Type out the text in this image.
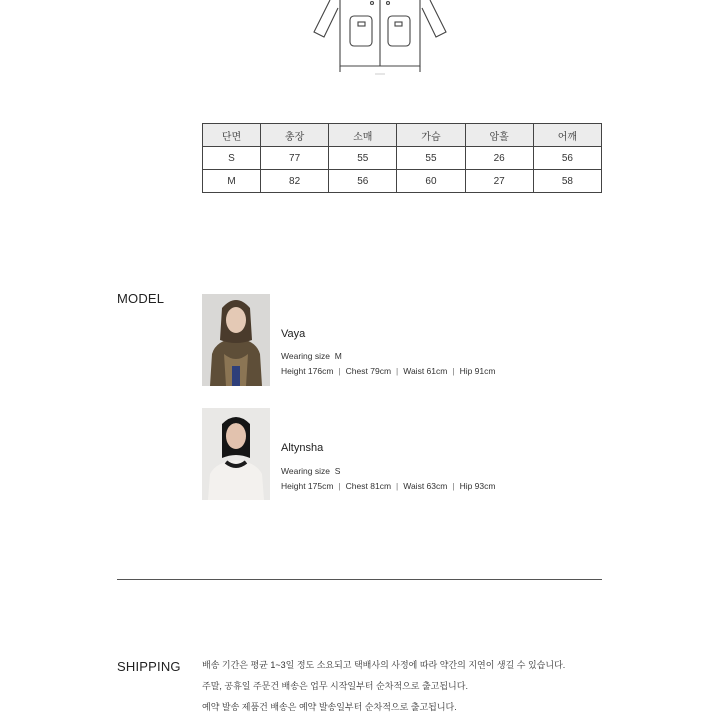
단면	총장	소매	가슴	암홀	어깨
S	77	55	55	26	56
M	82	56	60	27	58
MODEL
Vaya
Wearing size M
Height 176cm | Chest 79cm | Waist 61cm | Hip 91cm
Altynsha
Wearing size S
Height 175cm | Chest 81cm | Waist 63cm | Hip 93cm
SHIPPING 배송 기간은 평균 1~3일 정도 소요되고 택배사의 사정에 따라 약간의 지연이 생길 수 있습니다.
주말, 공휴일 주문건 배송은 업무 시작일부터 순차적으로 출고됩니다.
예약 발송 제품건 배송은 예약 발송일부터 순차적으로 출고됩니다.
